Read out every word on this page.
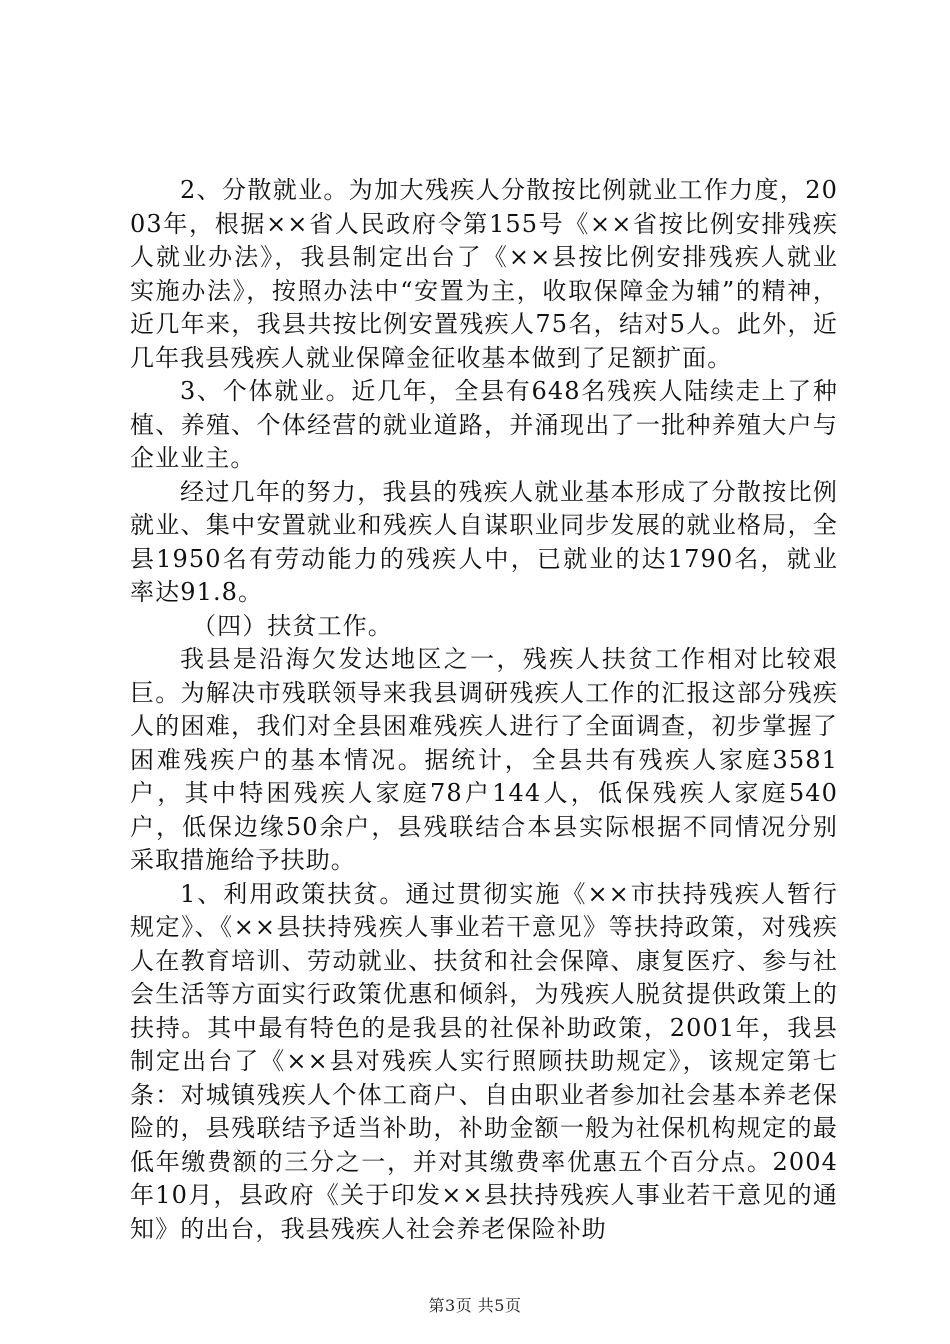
2、分散就业。为加大残疾人分散按比例就业工作力度，2003年，根据××省人民政府令第155号《××省按比例安排残疾人就业办法》，我县制定出台了《××县按比例安排残疾人就业实施办法》，按照办法中“安置为主，收取保障金为辅”的精神，近几年来，我县共按比例安置残疾人75名，结对5人。此外，近几年我县残疾人就业保障金征收基本做到了足额扩面。

3、个体就业。近几年，全县有648名残疾人陆续走上了种植、养殖、个体经营的就业道路，并涌现出了一批种养殖大户与企业业主。

经过几年的努力，我县的残疾人就业基本形成了分散按比例就业、集中安置就业和残疾人自谋职业同步发展的就业格局，全县1950名有劳动能力的残疾人中，已就业的达1790名，就业率达91.8。

（四）扶贫工作。

我县是沿海欠发达地区之一，残疾人扶贫工作相对比较艰巨。为解决市残联领导来我县调研残疾人工作的汇报这部分残疾人的困难，我们对全县困难残疾人进行了全面调查，初步掌握了困难残疾户的基本情况。据统计，全县共有残疾人家庭3581户，其中特困残疾人家庭78户144人，低保残疾人家庭540户，低保边缘50余户，县残联结合本县实际根据不同情况分别采取措施给予扶助。

1、利用政策扶贫。通过贯彻实施《××市扶持残疾人暂行规定》、《××县扶持残疾人事业若干意见》等扶持政策，对残疾人在教育培训、劳动就业、扶贫和社会保障、康复医疗、参与社会生活等方面实行政策优惠和倾斜，为残疾人脱贫提供政策上的扶持。其中最有特色的是我县的社保补助政策，2001年，我县制定出台了《××县对残疾人实行照顾扶助规定》，该规定第七条：对城镇残疾人个体工商户、自由职业者参加社会基本养老保险的，县残联结予适当补助，补助金额一般为社保机构规定的最低年缴费额的三分之一，并对其缴费率优惠五个百分点。2004年10月，县政府《关于印发××县扶持残疾人事业若干意见的通知》的出台，我县残疾人社会养老保险补助

第3页 共5页
